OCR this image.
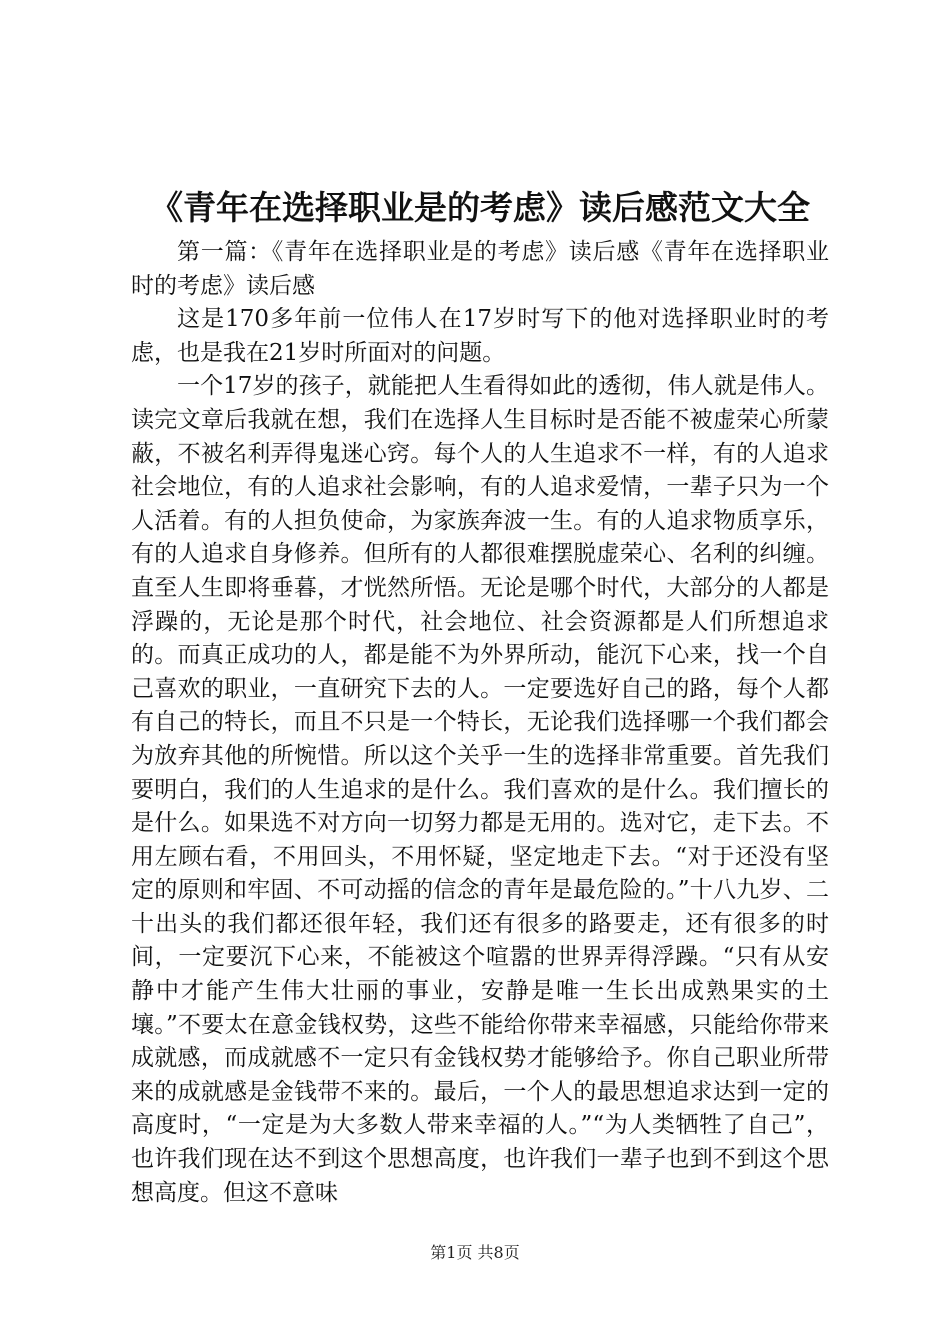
《青年在选择职业是的考虑》读后感范文大全

第一篇：《青年在选择职业是的考虑》读后感《青年在选择职业时的考虑》读后感

这是170多年前一位伟人在17岁时写下的他对选择职业时的考虑，也是我在21岁时所面对的问题。

一个17岁的孩子，就能把人生看得如此的透彻，伟人就是伟人。读完文章后我就在想，我们在选择人生目标时是否能不被虚荣心所蒙蔽，不被名利弄得鬼迷心窍。每个人的人生追求不一样，有的人追求社会地位，有的人追求社会影响，有的人追求爱情，一辈子只为一个人活着。有的人担负使命，为家族奔波一生。有的人追求物质享乐，有的人追求自身修养。但所有的人都很难摆脱虚荣心、名利的纠缠。直至人生即将垂暮，才恍然所悟。无论是哪个时代，大部分的人都是浮躁的，无论是那个时代，社会地位、社会资源都是人们所想追求的。而真正成功的人，都是能不为外界所动，能沉下心来，找一个自己喜欢的职业，一直研究下去的人。一定要选好自己的路，每个人都有自己的特长，而且不只是一个特长，无论我们选择哪一个我们都会为放弃其他的所惋惜。所以这个关乎一生的选择非常重要。首先我们要明白，我们的人生追求的是什么。我们喜欢的是什么。我们擅长的是什么。如果选不对方向一切努力都是无用的。选对它，走下去。不用左顾右看，不用回头，不用怀疑，坚定地走下去。“对于还没有坚定的原则和牢固、不可动摇的信念的青年是最危险的。”十八九岁、二十出头的我们都还很年轻，我们还有很多的路要走，还有很多的时间，一定要沉下心来，不能被这个喧嚣的世界弄得浮躁。“只有从安静中才能产生伟大壮丽的事业，安静是唯一生长出成熟果实的土壤。”不要太在意金钱权势，这些不能给你带来幸福感，只能给你带来成就感，而成就感不一定只有金钱权势才能够给予。你自己职业所带来的成就感是金钱带不来的。最后，一个人的最思想追求达到一定的高度时，“一定是为大多数人带来幸福的人。”“为人类牺牲了自己”，也许我们现在达不到这个思想高度，也许我们一辈子也到不到这个思想高度。但这不意味

第1页 共8页
